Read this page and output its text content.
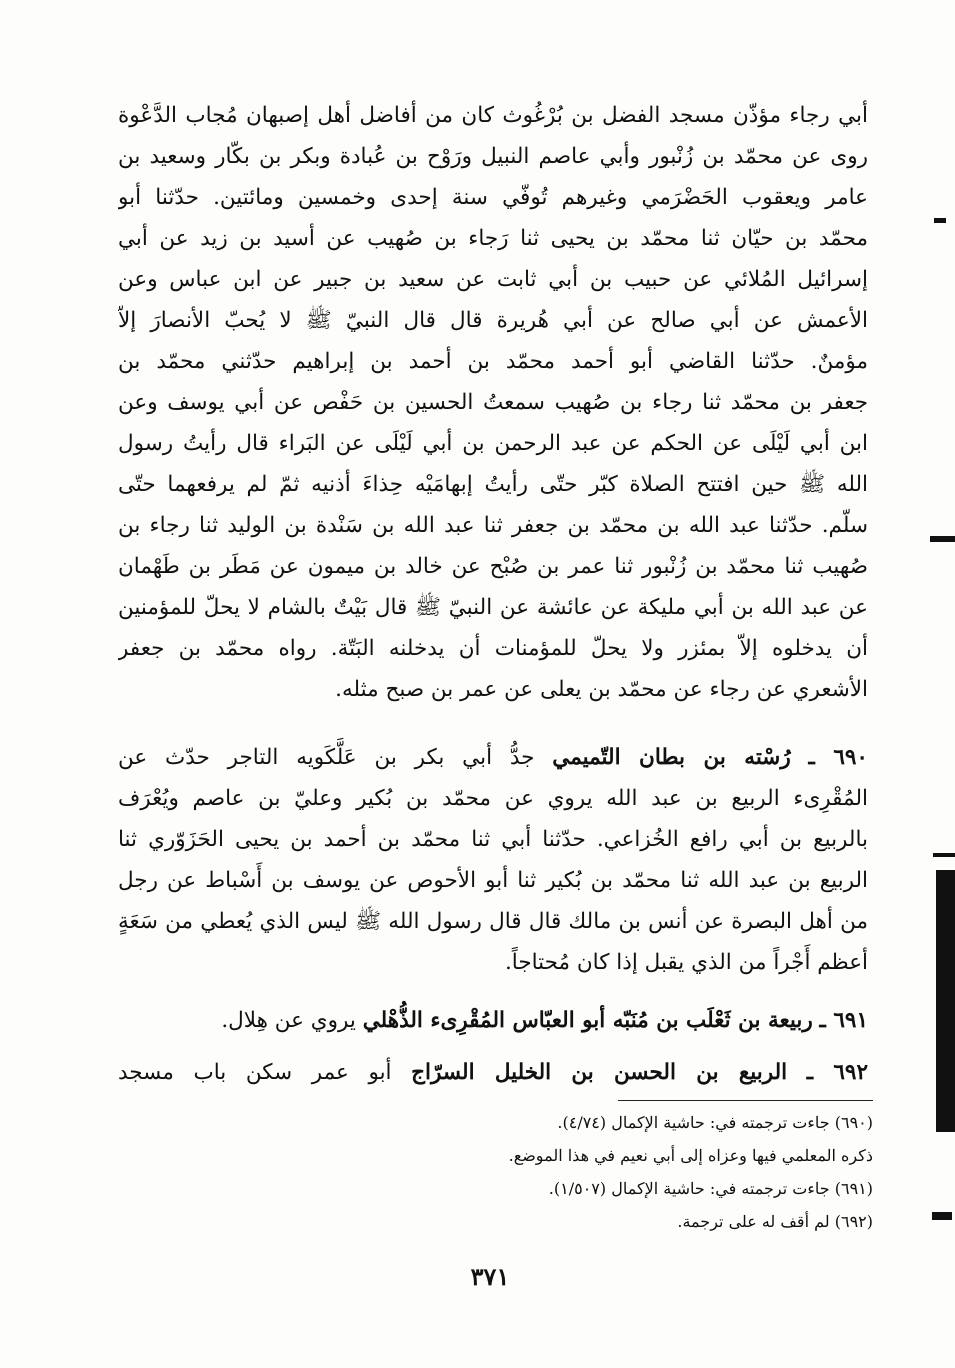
أبي رجاء مؤذّن مسجد الفضل بن بُرْغُوث كان من أفاضل أهل إصبهان مُجاب الدَّعْوة
روى عن محمّد بن زُنْبور وأبي عاصم النبيل ورَوْح بن عُبادة وبكر بن بكّار وسعيد بن
عامر ويعقوب الحَضْرَمي وغيرهم تُوفّي سنة إحدى وخمسين ومائتين. حدّثنا أبو
محمّد بن حيّان ثنا محمّد بن يحيى ثنا رَجاء بن صُهيب عن أسيد بن زيد عن أبي
إسرائيل المُلائي عن حبيب بن أبي ثابت عن سعيد بن جبير عن ابن عباس وعن
الأعمش عن أبي صالح عن أبي هُريرة قال قال النبيّ ﷺ لا يُحبّ الأنصارَ إلاّ
مؤمنٌ. حدّثنا القاضي أبو أحمد محمّد بن أحمد بن إبراهيم حدّثني محمّد بن
جعفر بن محمّد ثنا رجاء بن صُهيب سمعتُ الحسين بن حَفْص عن أبي يوسف وعن
ابن أبي لَيْلَى عن الحكم عن عبد الرحمن بن أبي لَيْلَى عن البَراء قال رأيتُ رسول
الله ﷺ حين افتتح الصلاة كبّر حتّى رأيتُ إبهامَيْه حِذاءَ أذنيه ثمّ لم يرفعهما حتّى
سلّم. حدّثنا عبد الله بن محمّد بن جعفر ثنا عبد الله بن سَنْدة بن الوليد ثنا رجاء بن
صُهيب ثنا محمّد بن زُنْبور ثنا عمر بن صُبْح عن خالد بن ميمون عن مَطَر بن طَهْمان
عن عبد الله بن أبي مليكة عن عائشة عن النبيّ ﷺ قال بَيْتٌ بالشام لا يحلّ للمؤمنين
أن يدخلوه إلاّ بمئزر ولا يحلّ للمؤمنات أن يدخلنه البَتّة. رواه محمّد بن جعفر
الأشعري عن رجاء عن محمّد بن يعلى عن عمر بن صبح مثله.
٦٩٠ ـ رُسْته بن بطان التّميمي جدُّ أبي بكر بن عَلَّكَويه التاجر حدّث عن
المُقْرِىء الربيع بن عبد الله يروي عن محمّد بن بُكير وعليّ بن عاصم ويُعْرَف
بالربيع بن أبي رافع الخُزاعي. حدّثنا أبي ثنا محمّد بن أحمد بن يحيى الحَزَوّري ثنا
الربيع بن عبد الله ثنا محمّد بن بُكير ثنا أبو الأحوص عن يوسف بن أَسْباط عن رجل
من أهل البصرة عن أنس بن مالك قال قال رسول الله ﷺ ليس الذي يُعطي من سَعَةٍ
أعظم أَجْراً من الذي يقبل إذا كان مُحتاجاً.
٦٩١ ـ ربيعة بن ثَعْلَب بن مُنَبّه أبو العبّاس المُقْرِىء الذُّهْلي يروي عن هِلال.
٦٩٢ ـ الربيع بن الحسن بن الخليل السرّاج أبو عمر سكن باب مسجد
(٦٩٠) جاءت ترجمته في: حاشية الإكمال (٤/٧٤).
ذكره المعلمي فيها وعزاه إلى أبي نعيم في هذا الموضع.
(٦٩١) جاءت ترجمته في: حاشية الإكمال (١/٥٠٧).
(٦٩٢) لم أقف له على ترجمة.
٣٧١
